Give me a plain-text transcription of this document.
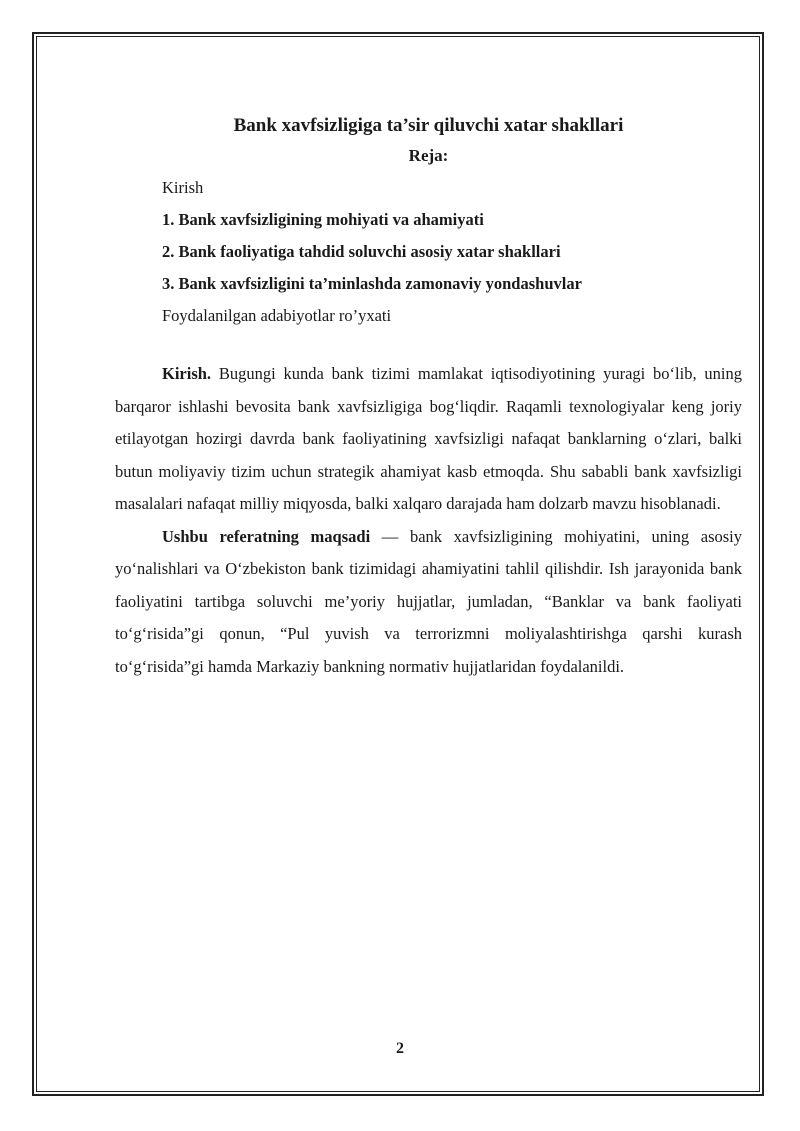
Bank xavfsizligiga ta’sir qiluvchi xatar shakllari
Reja:
Kirish
1. Bank xavfsizligining mohiyati va ahamiyati
2. Bank faoliyatiga tahdid soluvchi asosiy xatar shakllari
3. Bank xavfsizligini ta’minlashda zamonaviy yondashuvlar
Foydalanilgan adabiyotlar ro’yxati

Kirish. Bugungi kunda bank tizimi mamlakat iqtisodiyotining yuragi bo‘lib, uning barqaror ishlashi bevosita bank xavfsizligiga bog‘liqdir. Raqamli texnologiyalar keng joriy etilayotgan hozirgi davrda bank faoliyatining xavfsizligi nafaqat banklarning o‘zlari, balki butun moliyaviy tizim uchun strategik ahamiyat kasb etmoqda. Shu sababli bank xavfsizligi masalalari nafaqat milliy miqyosda, balki xalqaro darajada ham dolzarb mavzu hisoblanadi.

Ushbu referatning maqsadi — bank xavfsizligining mohiyatini, uning asosiy yo‘nalishlari va O‘zbekiston bank tizimidagi ahamiyatini tahlil qilishdir. Ish jarayonida bank faoliyatini tartibga soluvchi me’yoriy hujjatlar, jumladan, “Banklar va bank faoliyati to‘g‘risida”gi qonun, “Pul yuvish va terrorizmni moliyalashtirishga qarshi kurash to‘g‘risida”gi hamda Markaziy bankning normativ hujjatlaridan foydalanildi.

2
